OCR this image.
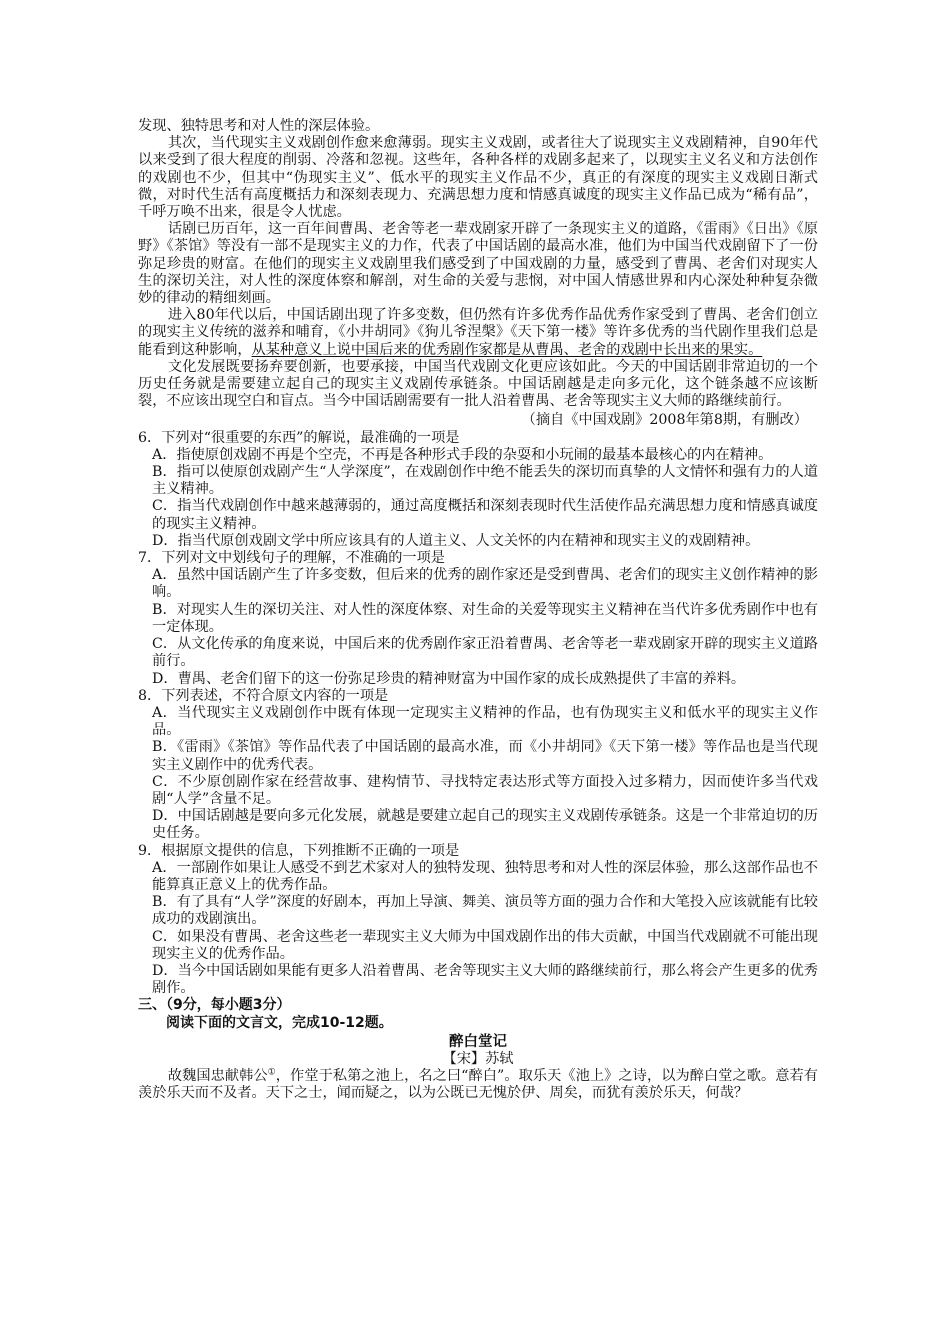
发现、独特思考和对人性的深层体验。

其次，当代现实主义戏剧创作愈来愈薄弱。现实主义戏剧，或者往大了说现实主义戏剧精神，自90年代以来受到了很大程度的削弱、冷落和忽视。这些年，各种各样的戏剧多起来了，以现实主义名义和方法创作的戏剧也不少，但其中“伪现实主义”、低水平的现实主义作品不少，真正的有深度的现实主义戏剧日渐式微，对时代生活有高度概括力和深刻表现力、充满思想力度和情感真诚度的现实主义作品已成为“稀有品”，千呼万唤不出来，很是令人忧虑。

话剧已历百年，这一百年间曹禺、老舍等老一辈戏剧家开辟了一条现实主义的道路，《雷雨》《日出》《原野》《茶馆》等没有一部不是现实主义的力作，代表了中国话剧的最高水准，他们为中国当代戏剧留下了一份弥足珍贵的财富。在他们的现实主义戏剧里我们感受到了中国戏剧的力量，感受到了曹禺、老舍们对现实人生的深切关注，对人性的深度体察和解剖，对生命的关爱与悲悯，对中国人情感世界和内心深处种种复杂微妙的律动的精细刻画。

进入80年代以后，中国话剧出现了许多变数，但仍然有许多优秀作品优秀作家受到了曹禺、老舍们创立的现实主义传统的滋养和哺育，《小井胡同》《狗儿爷涅槃》《天下第一楼》等许多优秀的当代剧作里我们总是能看到这种影响，从某种意义上说中国后来的优秀剧作家都是从曹禺、老舍的戏剧中长出来的果实。

文化发展既要扬弃要创新，也要承接，中国当代戏剧文化更应该如此。今天的中国话剧非常迫切的一个历史任务就是需要建立起自己的现实主义戏剧传承链条。中国话剧越是走向多元化，这个链条越不应该断裂，不应该出现空白和盲点。当今中国话剧需要有一批人沿着曹禺、老舍等现实主义大师的路继续前行。

（摘自《中国戏剧》2008年第8期，有删改）

6．下列对“很重要的东西”的解说，最准确的一项是

A．指使原创戏剧不再是个空壳，不再是各种形式手段的杂耍和小玩闹的最基本最核心的内在精神。

B．指可以使原创戏剧产生“人学深度”，在戏剧创作中绝不能丢失的深切而真挚的人文情怀和强有力的人道主义精神。

C．指当代戏剧创作中越来越薄弱的，通过高度概括和深刻表现时代生活使作品充满思想力度和情感真诚度的现实主义精神。

D．指当代原创戏剧文学中所应该具有的人道主义、人文关怀的内在精神和现实主义的戏剧精神。

7．下列对文中划线句子的理解，不准确的一项是

A．虽然中国话剧产生了许多变数，但后来的优秀的剧作家还是受到曹禺、老舍们的现实主义创作精神的影响。

B．对现实人生的深切关注、对人性的深度体察、对生命的关爱等现实主义精神在当代许多优秀剧作中也有一定体现。

C．从文化传承的角度来说，中国后来的优秀剧作家正沿着曹禺、老舍等老一辈戏剧家开辟的现实主义道路前行。

D．曹禺、老舍们留下的这一份弥足珍贵的精神财富为中国作家的成长成熟提供了丰富的养料。

8．下列表述，不符合原文内容的一项是

A．当代现实主义戏剧创作中既有体现一定现实主义精神的作品，也有伪现实主义和低水平的现实主义作品。

B．《雷雨》《茶馆》等作品代表了中国话剧的最高水准，而《小井胡同》《天下第一楼》等作品也是当代现实主义剧作中的优秀代表。

C．不少原创剧作家在经营故事、建构情节、寻找特定表达形式等方面投入过多精力，因而使许多当代戏剧“人学”含量不足。

D．中国话剧越是要向多元化发展，就越是要建立起自己的现实主义戏剧传承链条。这是一个非常迫切的历史任务。

9．根据原文提供的信息，下列推断不正确的一项是

A．一部剧作如果让人感受不到艺术家对人的独特发现、独特思考和对人性的深层体验，那么这部作品也不能算真正意义上的优秀作品。

B．有了具有“人学”深度的好剧本，再加上导演、舞美、演员等方面的强力合作和大笔投入应该就能有比较成功的戏剧演出。

C．如果没有曹禺、老舍这些老一辈现实主义大师为中国戏剧作出的伟大贡献，中国当代戏剧就不可能出现现实主义的优秀作品。

D．当今中国话剧如果能有更多人沿着曹禺、老舍等现实主义大师的路继续前行，那么将会产生更多的优秀剧作。

三、（9分，每小题3分）

阅读下面的文言文，完成10-12题。

醉白堂记

【宋】苏轼

故魏国忠献韩公①，作堂于私第之池上，名之曰“醉白”。取乐天《池上》之诗，以为醉白堂之歌。意若有羡於乐天而不及者。天下之士，闻而疑之，以为公既已无愧於伊、周矣，而犹有羡於乐天，何哉？
